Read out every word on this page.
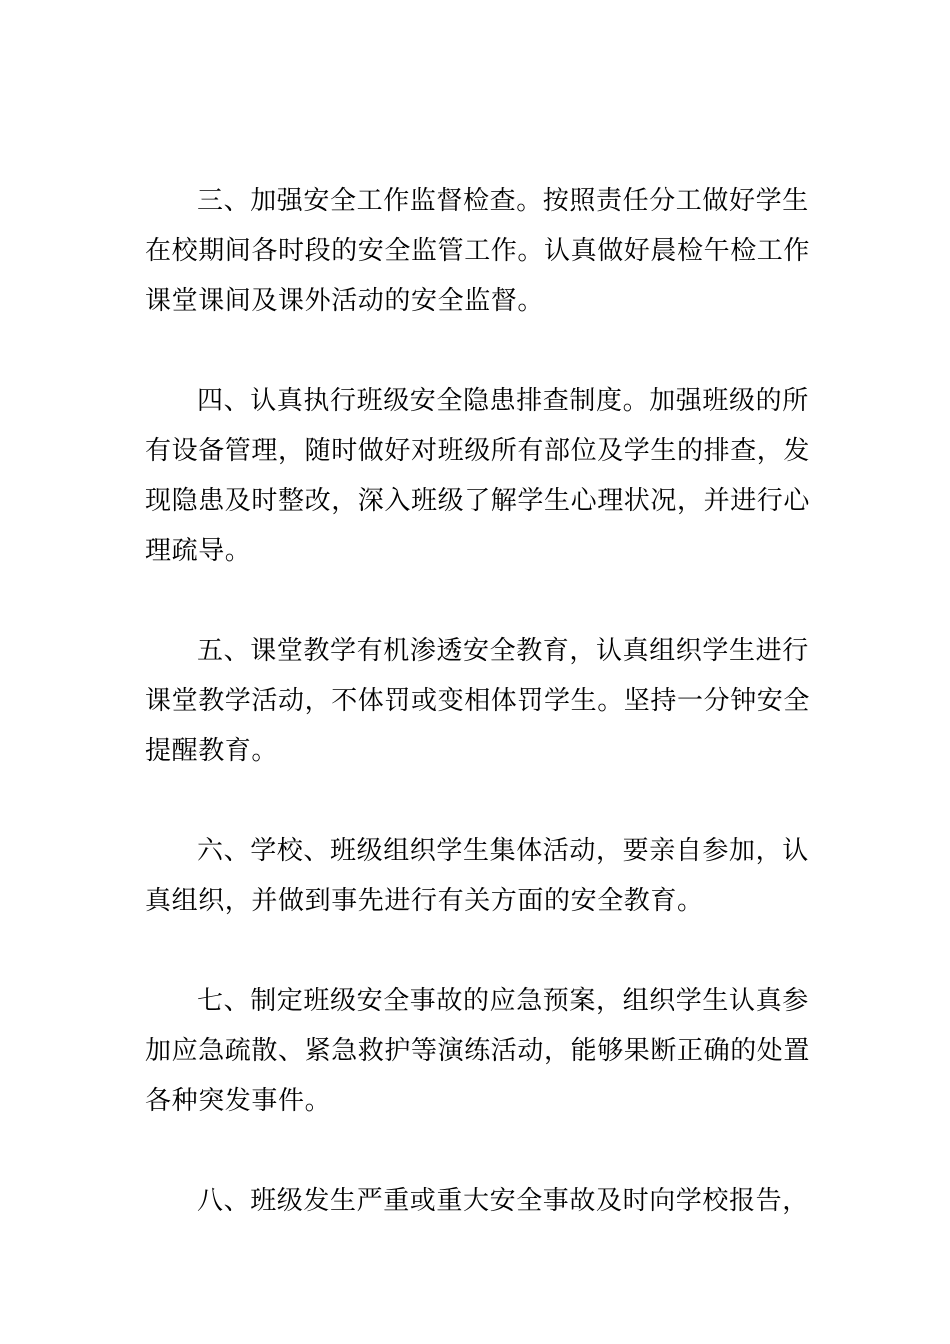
三、加强安全工作监督检查。按照责任分工做好学生
在校期间各时段的安全监管工作。认真做好晨检午检工作
课堂课间及课外活动的安全监督。
四、认真执行班级安全隐患排查制度。加强班级的所
有设备管理，随时做好对班级所有部位及学生的排查，发
现隐患及时整改，深入班级了解学生心理状况，并进行心
理疏导。
五、课堂教学有机渗透安全教育，认真组织学生进行
课堂教学活动，不体罚或变相体罚学生。坚持一分钟安全
提醒教育。
六、学校、班级组织学生集体活动，要亲自参加，认
真组织，并做到事先进行有关方面的安全教育。
七、制定班级安全事故的应急预案，组织学生认真参
加应急疏散、紧急救护等演练活动，能够果断正确的处置
各种突发事件。
八、班级发生严重或重大安全事故及时向学校报告，
